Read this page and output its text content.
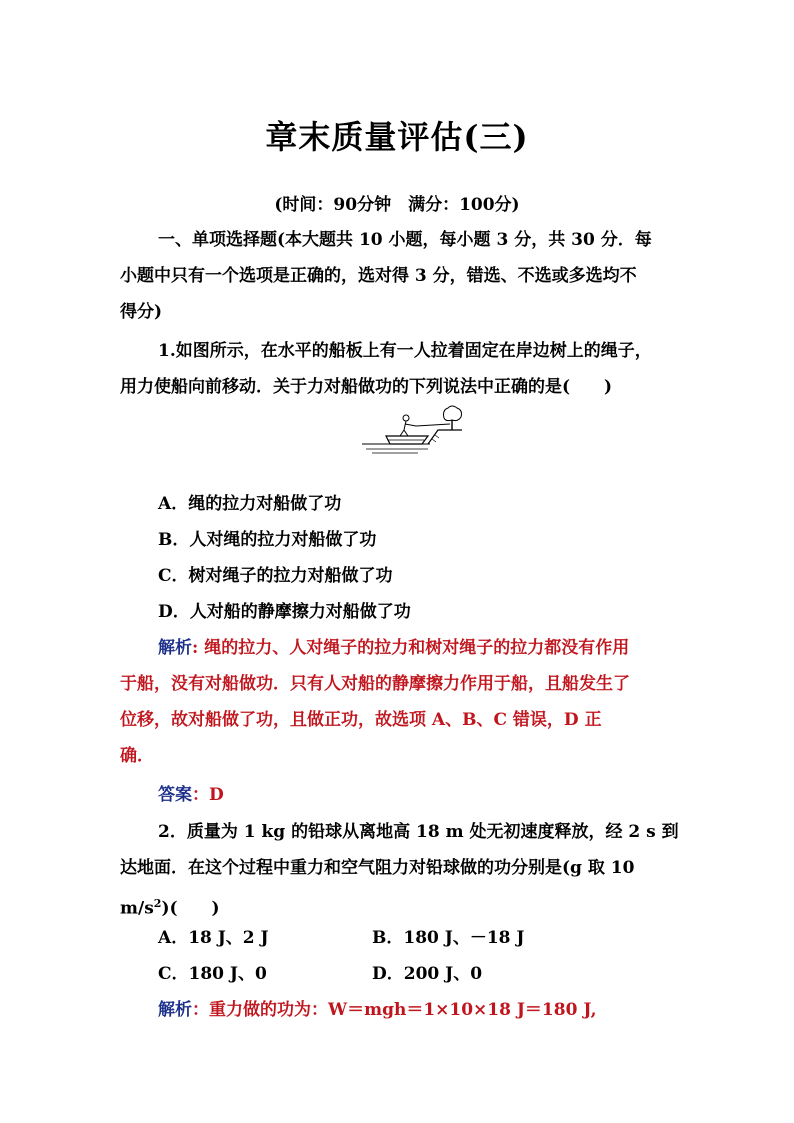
章末质量评估(三)
(时间：90分钟　满分：100分)
一、单项选择题(本大题共 10 小题，每小题 3 分，共 30 分．每
小题中只有一个选项是正确的，选对得 3 分，错选、不选或多选均不
得分)
1.如图所示，在水平的船板上有一人拉着固定在岸边树上的绳子，
用力使船向前移动．关于力对船做功的下列说法中正确的是(　　)
A．绳的拉力对船做了功
B．人对绳的拉力对船做了功
C．树对绳子的拉力对船做了功
D．人对船的静摩擦力对船做了功
解析: 绳的拉力、人对绳子的拉力和树对绳子的拉力都没有作用
于船，没有对船做功．只有人对船的静摩擦力作用于船，且船发生了
位移，故对船做了功，且做正功，故选项 A、B、C 错误，D 正
确．
答案：D
2．质量为 1 kg 的铅球从离地高 18 m 处无初速度释放，经 2 s 到
达地面．在这个过程中重力和空气阻力对铅球做的功分别是(g 取 10
$m/s^2$)(　　)
A．18 J、2 J	B．180 J、－18 J
C．180 J、0	D．200 J、0
解析：重力做的功为：W＝mgh＝1×10×18 J＝180 J,
